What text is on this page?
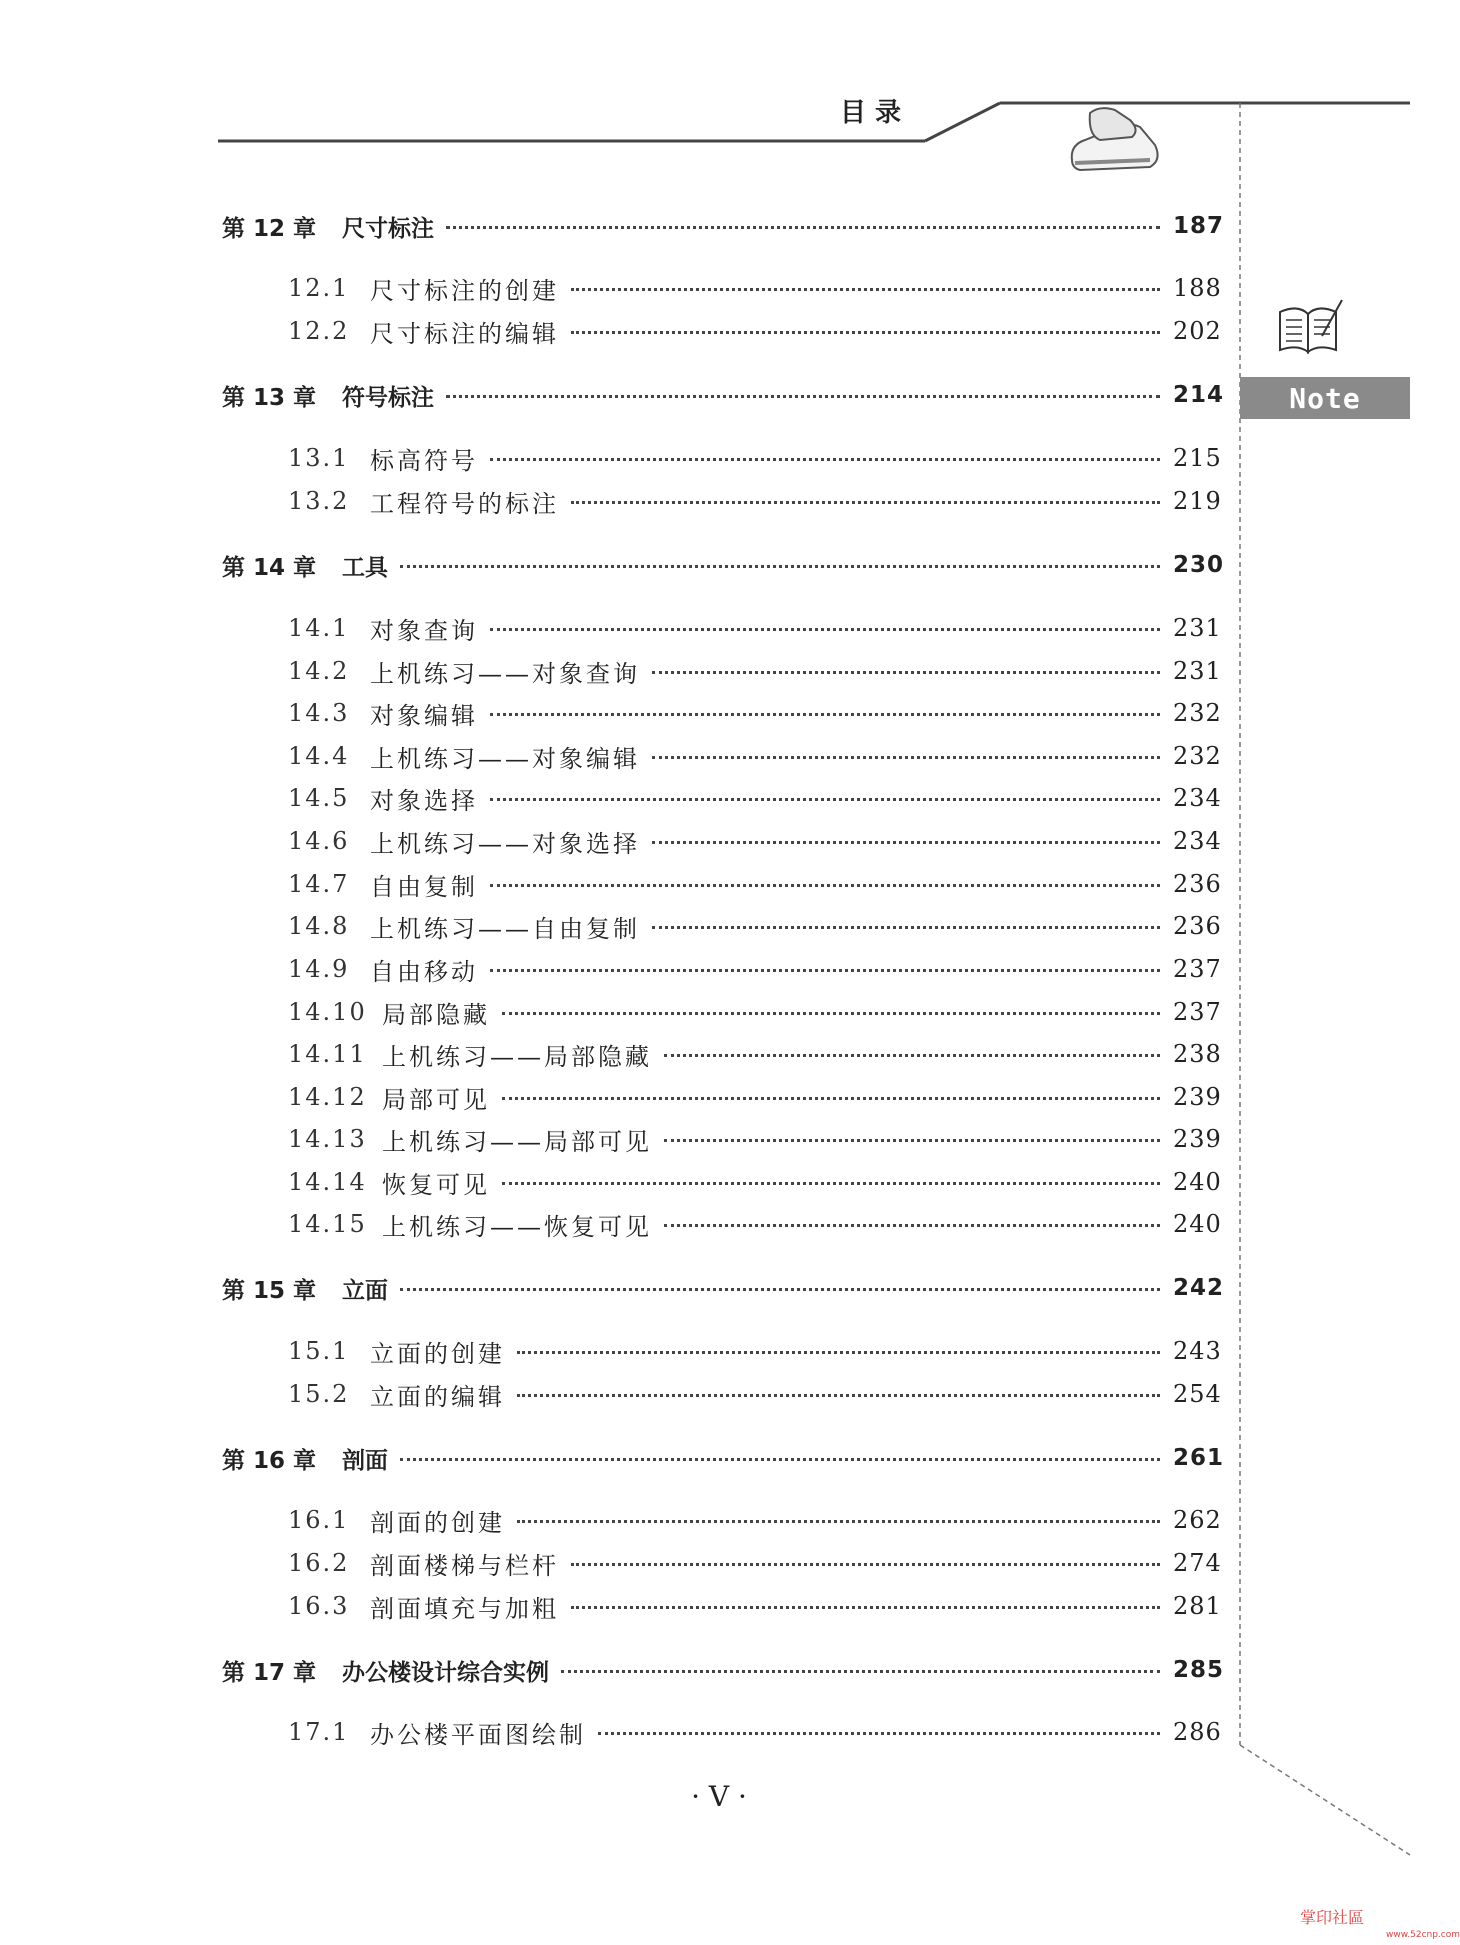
目 录
Note
第 12 章 尺寸标注	187
12.1 尺寸标注的创建	188
12.2 尺寸标注的编辑	202
第 13 章 符号标注	214
13.1 标高符号	215
13.2 工程符号的标注	219
第 14 章 工具	230
14.1 对象查询	231
14.2 上机练习——对象查询	231
14.3 对象编辑	232
14.4 上机练习——对象编辑	232
14.5 对象选择	234
14.6 上机练习——对象选择	234
14.7 自由复制	236
14.8 上机练习——自由复制	236
14.9 自由移动	237
14.10 局部隐藏	237
14.11 上机练习——局部隐藏	238
14.12 局部可见	239
14.13 上机练习——局部可见	239
14.14 恢复可见	240
14.15 上机练习——恢复可见	240
第 15 章 立面	242
15.1 立面的创建	243
15.2 立面的编辑	254
第 16 章 剖面	261
16.1 剖面的创建	262
16.2 剖面楼梯与栏杆	274
16.3 剖面填充与加粗	281
第 17 章 办公楼设计综合实例	285
17.1 办公楼平面图绘制	286
· V ·
掌印社區
www.52cnp.com
